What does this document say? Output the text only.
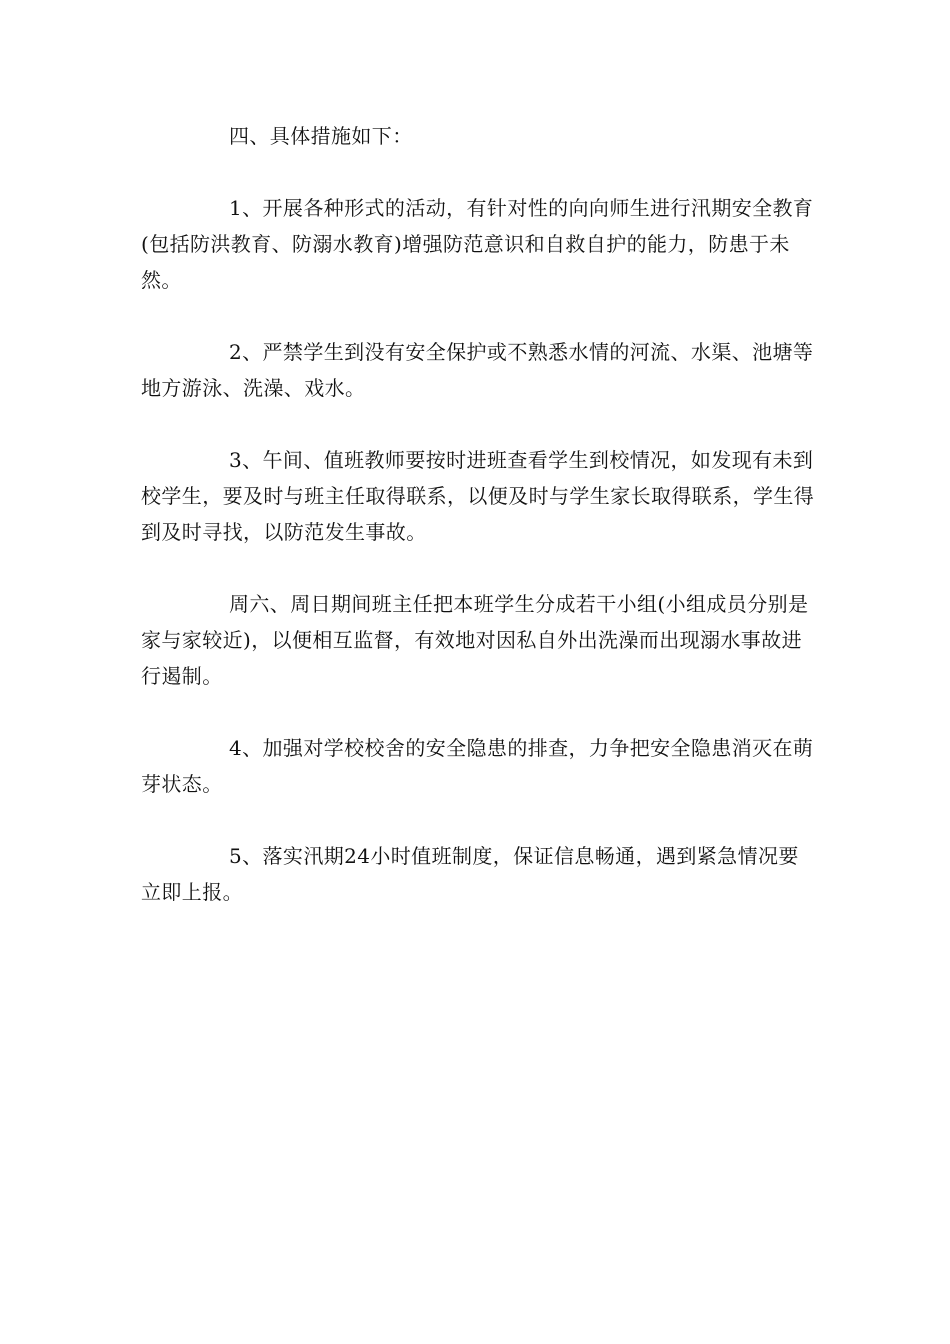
四、具体措施如下：

1、开展各种形式的活动，有针对性的向向师生进行汛期安全教育(包括防洪教育、防溺水教育)增强防范意识和自救自护的能力，防患于未然。

2、严禁学生到没有安全保护或不熟悉水情的河流、水渠、池塘等地方游泳、洗澡、戏水。

3、午间、值班教师要按时进班查看学生到校情况，如发现有未到校学生，要及时与班主任取得联系，以便及时与学生家长取得联系，学生得到及时寻找，以防范发生事故。

周六、周日期间班主任把本班学生分成若干小组(小组成员分别是家与家较近)，以便相互监督，有效地对因私自外出洗澡而出现溺水事故进行遏制。

4、加强对学校校舍的安全隐患的排查，力争把安全隐患消灭在萌芽状态。

5、落实汛期24小时值班制度，保证信息畅通，遇到紧急情况要立即上报。
